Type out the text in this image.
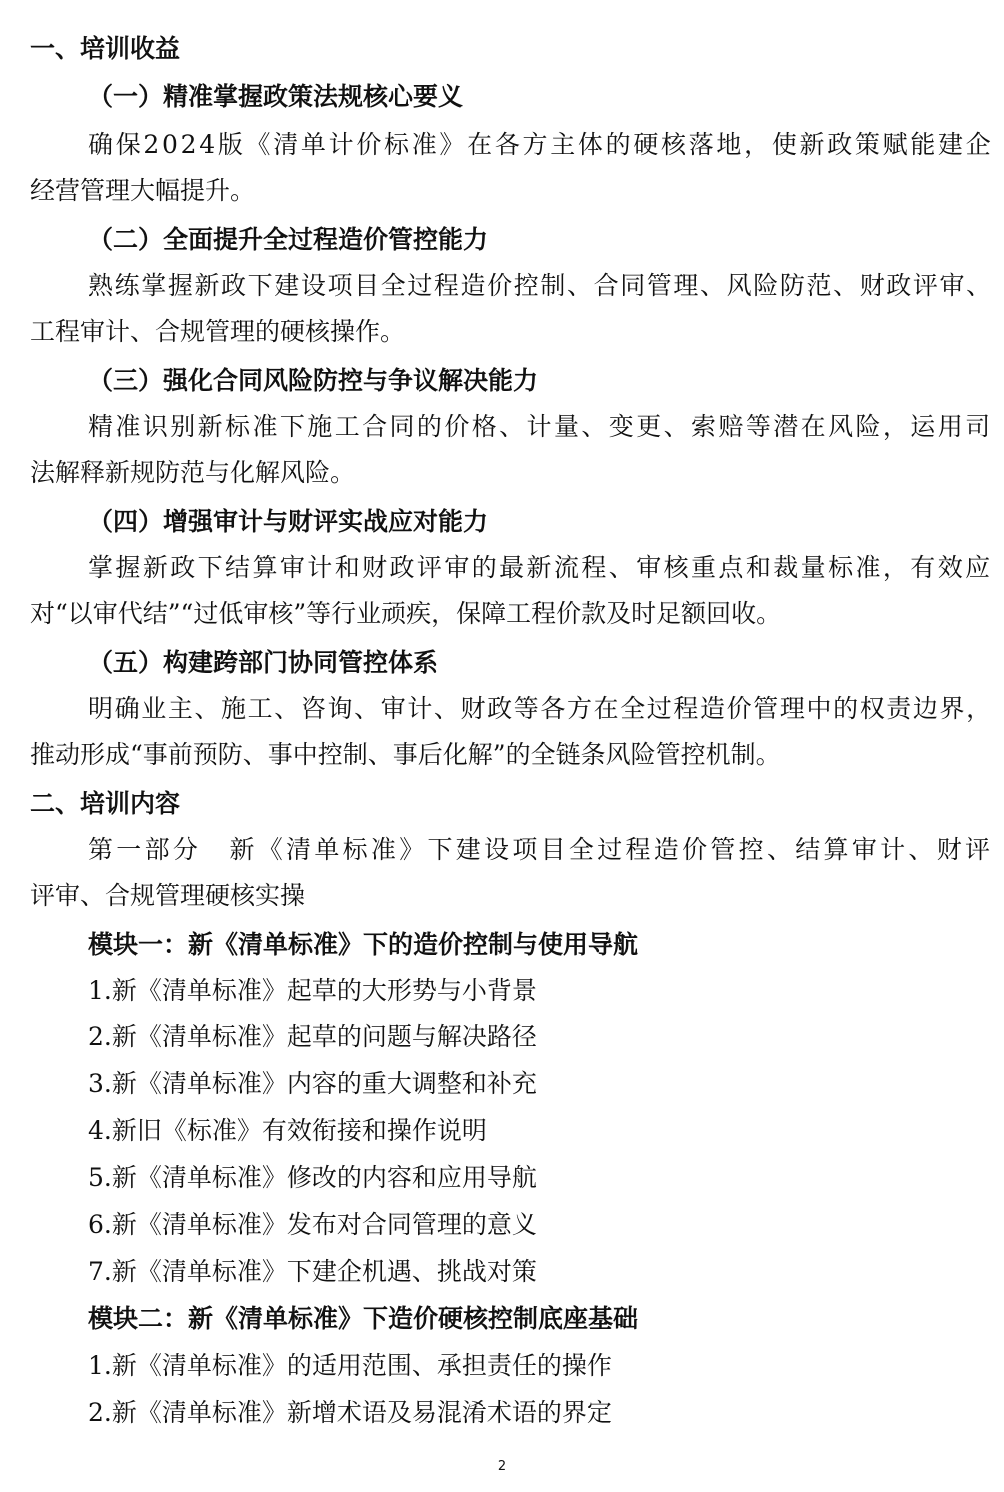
一、培训收益
（一）精准掌握政策法规核心要义
确保2024版《清单计价标准》在各方主体的硬核落地，使新政策赋能建企
经营管理大幅提升。
（二）全面提升全过程造价管控能力
熟练掌握新政下建设项目全过程造价控制、合同管理、风险防范、财政评审、
工程审计、合规管理的硬核操作。
（三）强化合同风险防控与争议解决能力
精准识别新标准下施工合同的价格、计量、变更、索赔等潜在风险，运用司
法解释新规防范与化解风险。
（四）增强审计与财评实战应对能力
掌握新政下结算审计和财政评审的最新流程、审核重点和裁量标准，有效应
对“以审代结”“过低审核”等行业顽疾，保障工程价款及时足额回收。
（五）构建跨部门协同管控体系
明确业主、施工、咨询、审计、财政等各方在全过程造价管理中的权责边界，
推动形成“事前预防、事中控制、事后化解”的全链条风险管控机制。
二、培训内容
第一部分　新《清单标准》下建设项目全过程造价管控、结算审计、财评
评审、合规管理硬核实操
模块一：新《清单标准》下的造价控制与使用导航
1.新《清单标准》起草的大形势与小背景
2.新《清单标准》起草的问题与解决路径
3.新《清单标准》内容的重大调整和补充
4.新旧《标准》有效衔接和操作说明
5.新《清单标准》修改的内容和应用导航
6.新《清单标准》发布对合同管理的意义
7.新《清单标准》下建企机遇、挑战对策
模块二：新《清单标准》下造价硬核控制底座基础
1.新《清单标准》的适用范围、承担责任的操作
2.新《清单标准》新增术语及易混淆术语的界定
2
